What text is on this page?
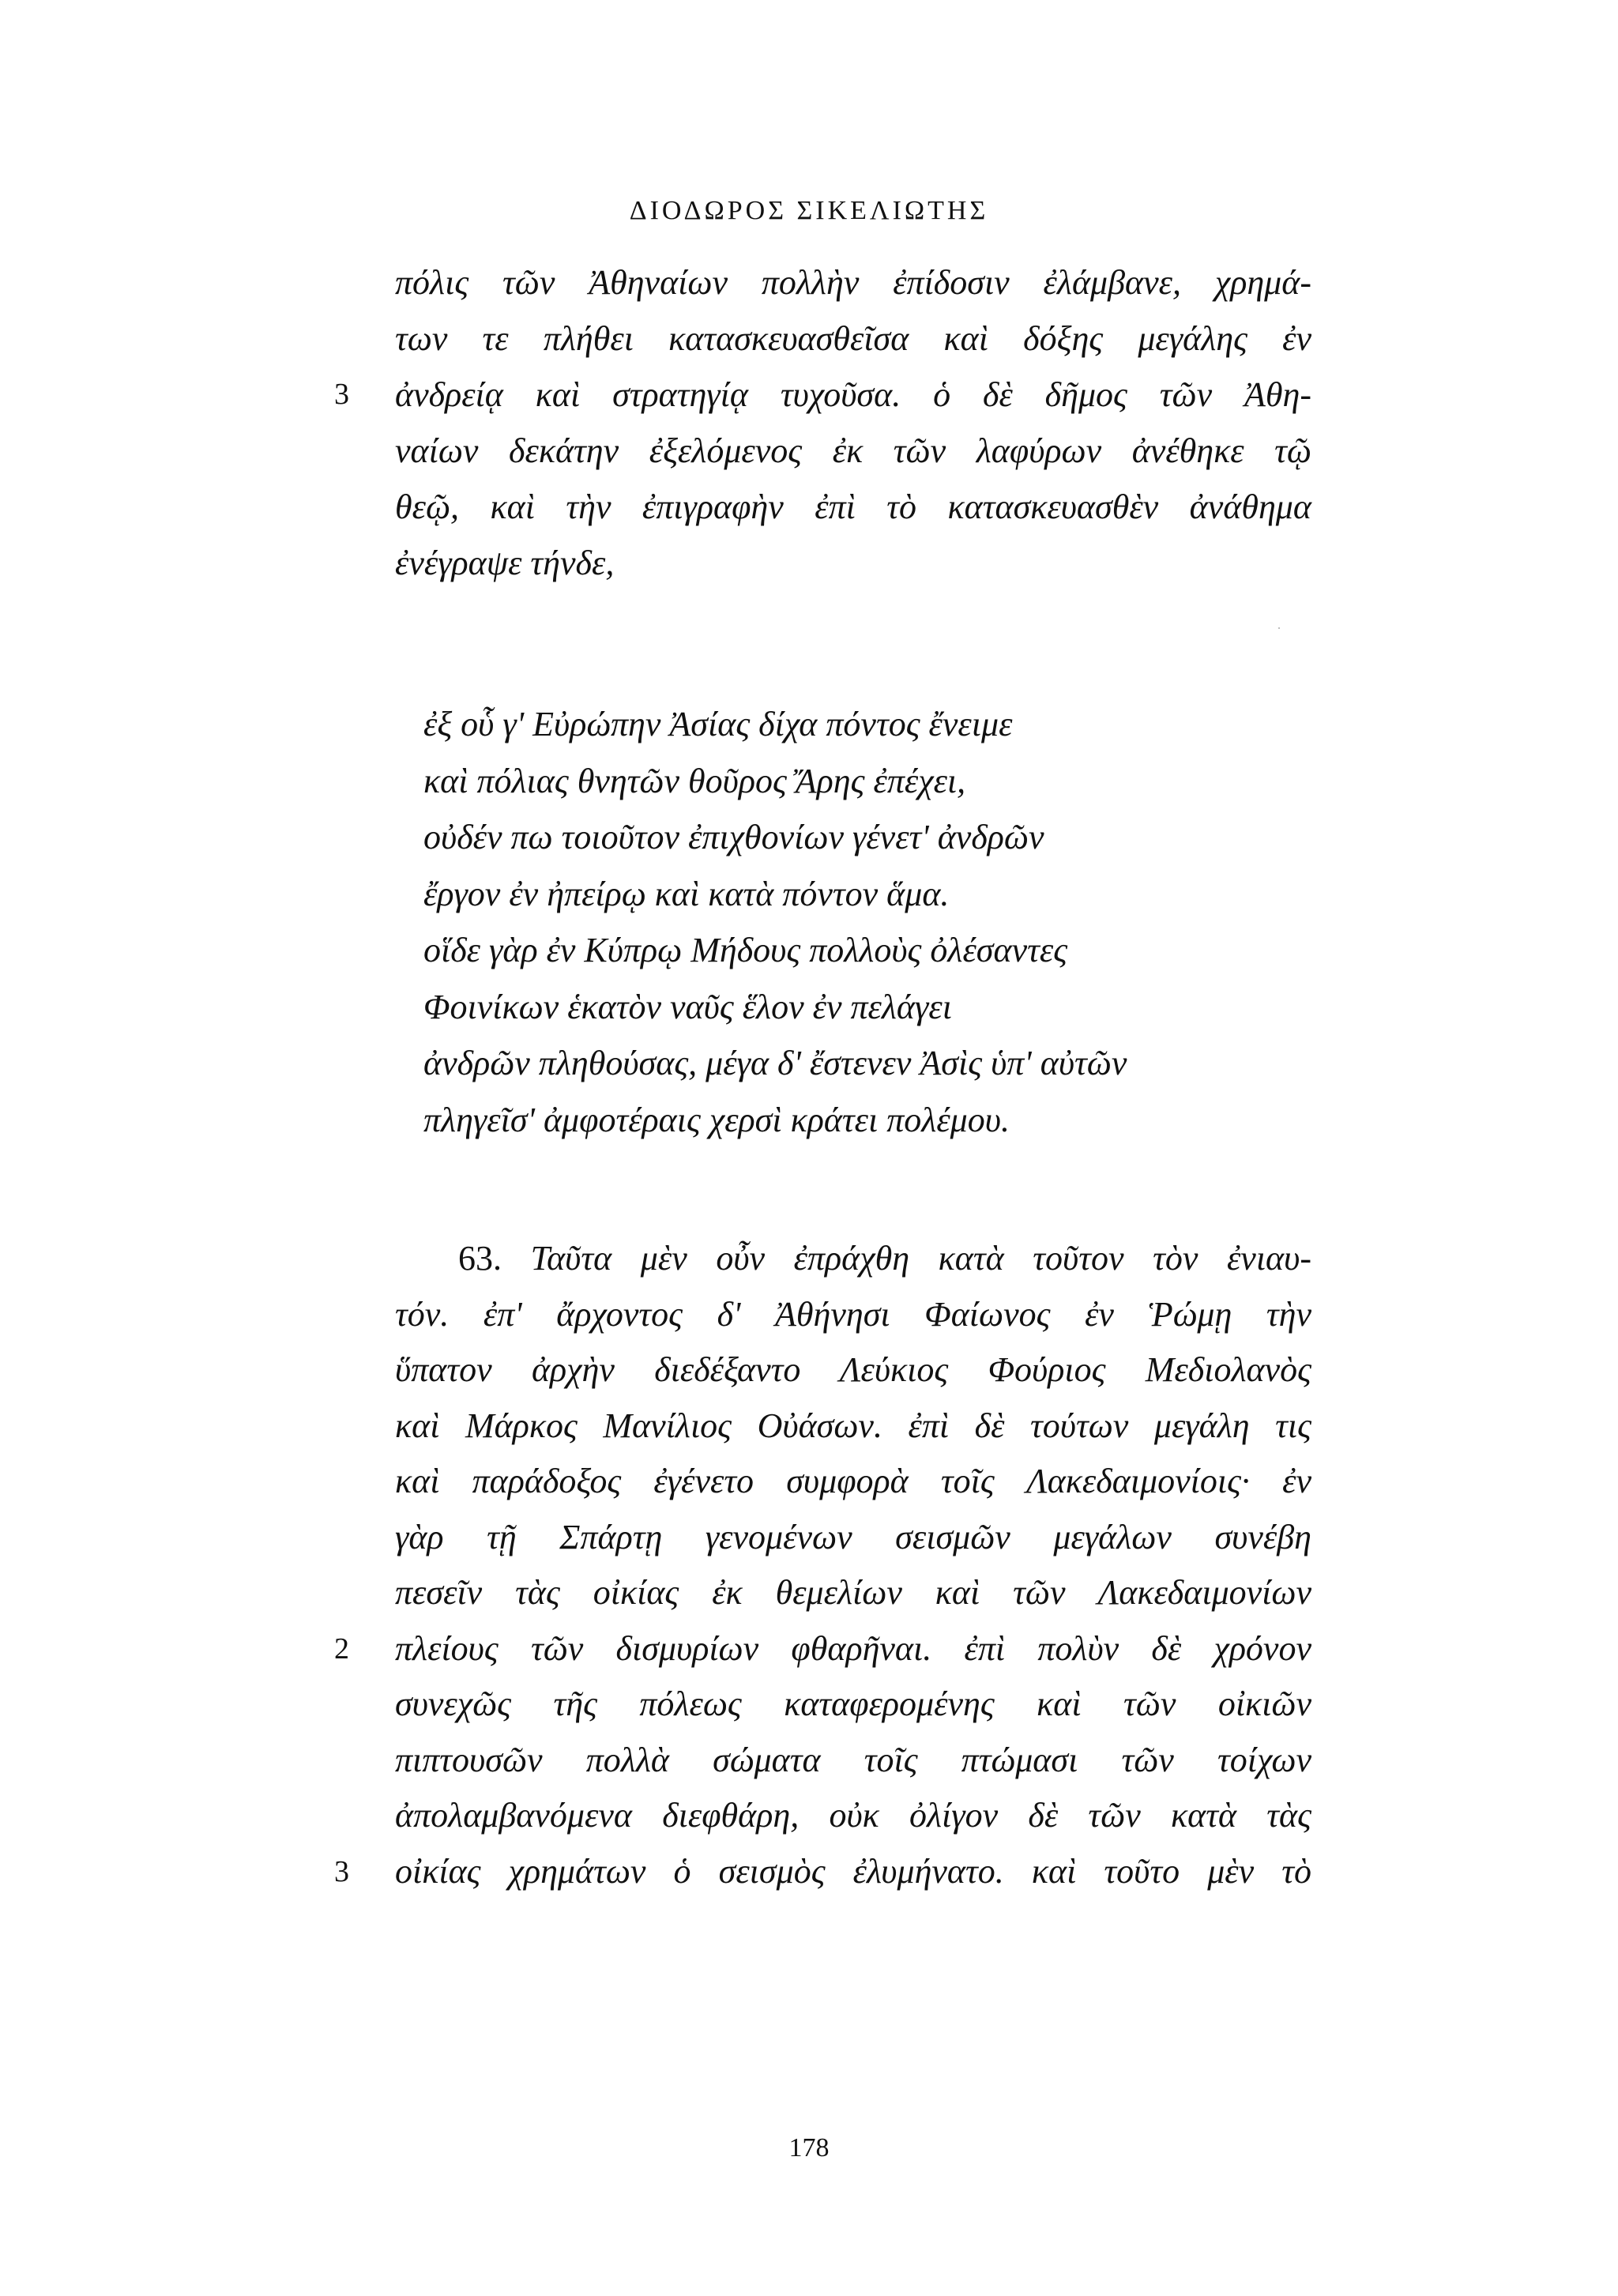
ΔΙΟΔΩΡΟΣ ΣΙΚΕΛΙΩΤΗΣ
πόλις τῶν Ἀθηναίων πολλὴν ἐπίδοσιν ἐλάμβανε, χρημά-
των τε πλήθει κατασκευασθεῖσα καὶ δόξης μεγάλης ἐν
3 ἀνδρείᾳ καὶ στρατηγίᾳ τυχοῦσα. ὁ δὲ δῆμος τῶν Ἀθη-
ναίων δεκάτην ἐξελόμενος ἐκ τῶν λαφύρων ἀνέθηκε τῷ
θεῷ, καὶ τὴν ἐπιγραφὴν ἐπὶ τὸ κατασκευασθὲν ἀνάθημα
ἐνέγραψε τήνδε,
ἐξ οὗ γ' Εὐρώπην Ἀσίας δίχα πόντος ἔνειμε
καὶ πόλιας θνητῶν θοῦρος Ἄρης ἐπέχει,
οὐδέν πω τοιοῦτον ἐπιχθονίων γένετ' ἀνδρῶν
ἔργον ἐν ἠπείρῳ καὶ κατὰ πόντον ἅμα.
οἵδε γὰρ ἐν Κύπρῳ Μήδους πολλοὺς ὀλέσαντες
Φοινίκων ἑκατὸν ναῦς ἕλον ἐν πελάγει
ἀνδρῶν πληθούσας, μέγα δ' ἔστενεν Ἀσὶς ὑπ' αὐτῶν
πληγεῖσ' ἀμφοτέραις χερσὶ κράτει πολέμου.
63. Ταῦτα μὲν οὖν ἐπράχθη κατὰ τοῦτον τὸν ἐνιαυ-
τόν. ἐπ' ἄρχοντος δ' Ἀθήνησι Φαίωνος ἐν Ῥώμῃ τὴν
ὕπατον ἀρχὴν διεδέξαντο Λεύκιος Φούριος Μεδιολανὸς
καὶ Μάρκος Μανίλιος Οὐάσων. ἐπὶ δὲ τούτων μεγάλη τις
καὶ παράδοξος ἐγένετο συμφορὰ τοῖς Λακεδαιμονίοις· ἐν
γὰρ τῇ Σπάρτῃ γενομένων σεισμῶν μεγάλων συνέβη
πεσεῖν τὰς οἰκίας ἐκ θεμελίων καὶ τῶν Λακεδαιμονίων
2 πλείους τῶν δισμυρίων φθαρῆναι. ἐπὶ πολὺν δὲ χρόνον
συνεχῶς τῆς πόλεως καταφερομένης καὶ τῶν οἰκιῶν
πιπτουσῶν πολλὰ σώματα τοῖς πτώμασι τῶν τοίχων
ἀπολαμβανόμενα διεφθάρη, οὐκ ὀλίγον δὲ τῶν κατὰ τὰς
3 οἰκίας χρημάτων ὁ σεισμὸς ἐλυμήνατο. καὶ τοῦτο μὲν τὸ
178
